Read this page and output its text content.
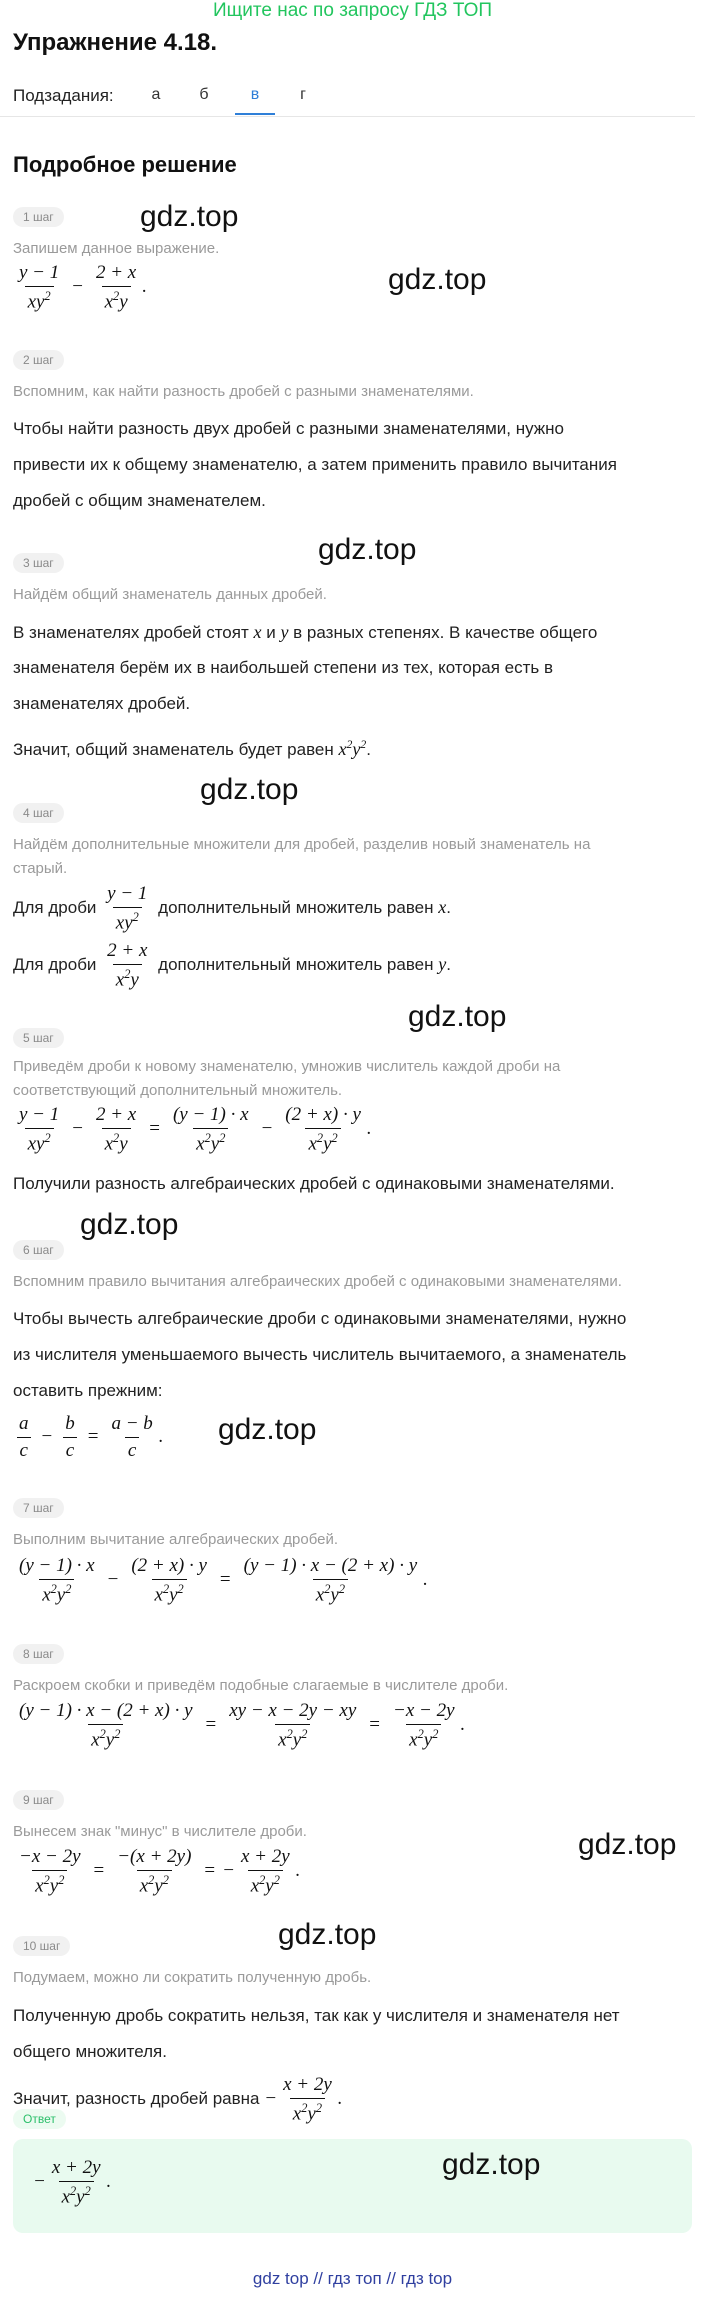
Ищите нас по запросу ГДЗ ТОП
Упражнение 4.18.
Подзадания:	а	б	в	г
Подробное решение
1 шаг	gdz.top
Запишем данное выражение.
$\frac{y - 1}{xy^2} - \frac{2 + x}{x^2y}$ .	gdz.top
2 шаг
Вспомним, как найти разность дробей с разными знаменателями.
Чтобы найти разность двух дробей с разными знаменателями, нужно
привести их к общему знаменателю, а затем применить правило вычитания
дробей с общим знаменателем.
gdz.top
3 шаг
Найдём общий знаменатель данных дробей.
В знаменателях дробей стоят x и y в разных степенях. В качестве общего
знаменателя берём их в наибольшей степени из тех, которая есть в
знаменателях дробей.
Значит, общий знаменатель будет равен $x^2y^2$.
gdz.top
4 шаг
Найдём дополнительные множители для дробей, разделив новый знаменатель на
старый.
Для дроби $\frac{y - 1}{xy^2}$ дополнительный множитель равен x.
Для дроби $\frac{2 + x}{x^2y}$ дополнительный множитель равен y.
gdz.top
5 шаг
Приведём дроби к новому знаменателю, умножив числитель каждой дроби на
соответствующий дополнительный множитель.
$\frac{y - 1}{xy^2} - \frac{2 + x}{x^2y} = \frac{(y - 1) \cdot x}{x^2y^2} - \frac{(2 + x) \cdot y}{x^2y^2}$ .
Получили разность алгебраических дробей с одинаковыми знаменателями.
gdz.top
6 шаг
Вспомним правило вычитания алгебраических дробей с одинаковыми знаменателями.
Чтобы вычесть алгебраические дроби с одинаковыми знаменателями, нужно
из числителя уменьшаемого вычесть числитель вычитаемого, а знаменатель
оставить прежним:
$\frac{a}{c} - \frac{b}{c} = \frac{a - b}{c}$ . gdz.top
7 шаг
Выполним вычитание алгебраических дробей.
$\frac{(y - 1) \cdot x}{x^2y^2} - \frac{(2 + x) \cdot y}{x^2y^2} = \frac{(y - 1) \cdot x - (2 + x) \cdot y}{x^2y^2}$ .
8 шаг
Раскроем скобки и приведём подобные слагаемые в числителе дроби.
$\frac{(y - 1) \cdot x - (2 + x) \cdot y}{x^2y^2} = \frac{xy - x - 2y - xy}{x^2y^2} = \frac{-x - 2y}{x^2y^2}$ .
9 шаг
gdz.top
Вынесем знак "минус" в числителе дроби.
$\frac{-x - 2y}{x^2y^2} = \frac{-(x + 2y)}{x^2y^2}$ = − $\frac{x + 2y}{x^2y^2}$ .
gdz.top
10 шаг
Подумаем, можно ли сократить полученную дробь.
Полученную дробь сократить нельзя, так как у числителя и знаменателя нет
общего множителя.
Значит, разность дробей равна − $\frac{x + 2y}{x^2y^2}$ .
Ответ
− $\frac{x + 2y}{x^2y^2}$ .
gdz.top
gdz top // гдз топ // гдз top
